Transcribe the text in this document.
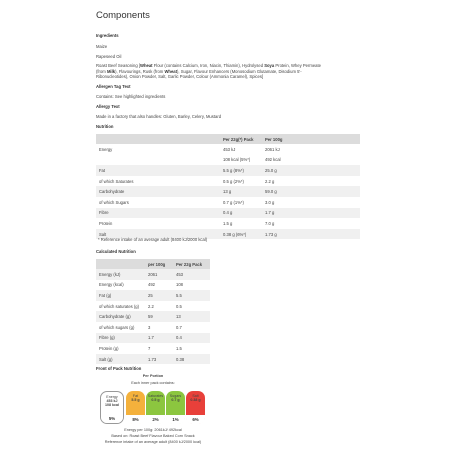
Components
Ingredients
Maize
Rapeseed Oil
Roast Beef Seasoning [Wheat Flour (contains Calcium, Iron, Niacin, Thiamin), Hydrolysed Soya Protein, Whey Permeate
(from Milk), Flavourings, Rusk (from Wheat), Sugar, Flavour Enhancers (Monosodium Glutamate, Disodium 5'-
Ribonucleotides), Onion Powder, Salt, Garlic Powder, Colour (Ammonia Caramel), Spices]
Allergen Tag Text
Contains: See highlighted ingredients
Allergy Text
Made in a factory that also handles: Gluten, Barley, Celery, Mustard
Nutrition
Per 22g(*) Pack	Per 100g
Energy	453 kJ	2061 kJ
108 kcal (5%*)	492 kcal
Fat	5.5 g (8%*)	25.0 g
of which Saturates	0.5 g (2%*)	2.2 g
Carbohydrate	13 g	59.0 g
of which Sugars	0.7 g (1%*)	3.0 g
Fibre	0.4 g	1.7 g
Protein	1.5 g	7.0 g
Salt	0.38 g (6%*)	1.73 g
* Reference intake of an average adult (8400 kJ/2000 kcal)
Calculated Nutrition
per 100g	Per 22g Pack
Energy (kJ)	2061	453
Energy (kcal)	492	108
Fat (g)	25	5.5
of which saturates (g)	2.2	0.5
Carbohydrate (g)	59	13
of which sugars (g)	3	0.7
Fibre (g)	1.7	0.4
Protein (g)	7	1.5
Salt (g)	1.73	0.38
Front of Pack Nutrition
Per Portion
Each inner pack contains:
Energy
453 kJ
108 kcal
5%
Fat
5.5 g
8%
Saturates
0.5 g
2%
Sugars
0.7 g
1%
Salt
0.38 g
6%
Energy per 100g: 2061kJ/ 492kcal
Based on: Roast Beef Flavour Baked Corn Snack
Reference intake of an average adult (8400 kJ/2000 kcal)
